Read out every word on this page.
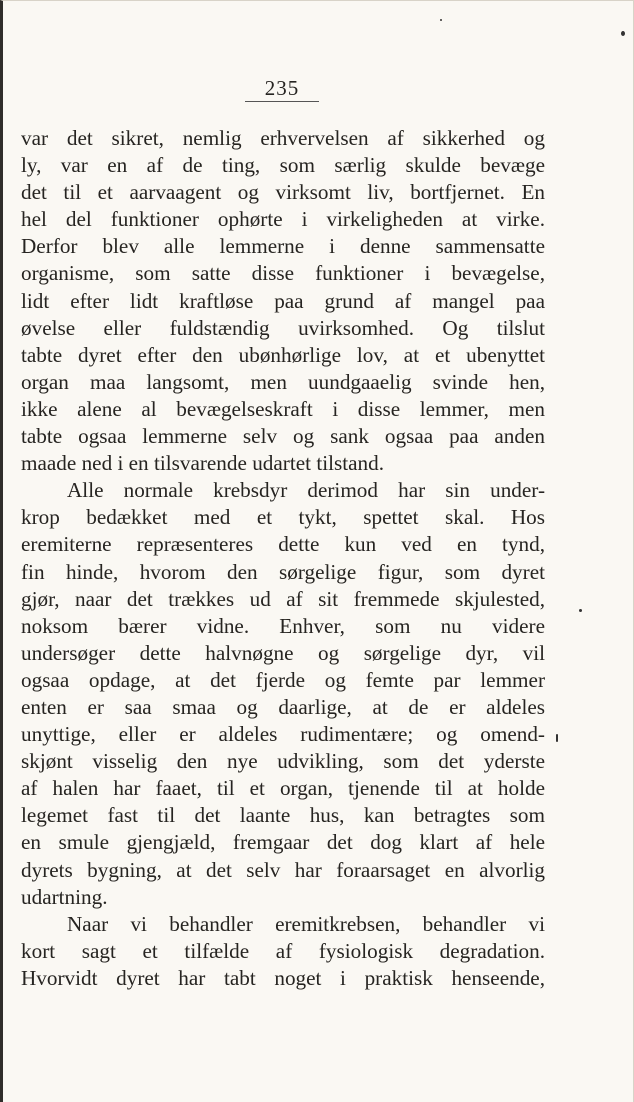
235
var det sikret, nemlig erhvervelsen af sikkerhed og
ly, var en af de ting, som særlig skulde bevæge
det til et aarvaagent og virksomt liv, bortfjernet. En
hel del funktioner ophørte i virkeligheden at virke.
Derfor blev alle lemmerne i denne sammensatte
organisme, som satte disse funktioner i bevægelse,
lidt efter lidt kraftløse paa grund af mangel paa
øvelse eller fuldstændig uvirksomhed. Og tilslut
tabte dyret efter den ubønhørlige lov, at et ubenyttet
organ maa langsomt, men uundgaaelig svinde hen,
ikke alene al bevægelseskraft i disse lemmer, men
tabte ogsaa lemmerne selv og sank ogsaa paa anden
maade ned i en tilsvarende udartet tilstand.
Alle normale krebsdyr derimod har sin under-
krop bedækket med et tykt, spettet skal. Hos
eremiterne repræsenteres dette kun ved en tynd,
fin hinde, hvorom den sørgelige figur, som dyret
gjør, naar det trækkes ud af sit fremmede skjulested,
noksom bærer vidne. Enhver, som nu videre
undersøger dette halvnøgne og sørgelige dyr, vil
ogsaa opdage, at det fjerde og femte par lemmer
enten er saa smaa og daarlige, at de er aldeles
unyttige, eller er aldeles rudimentære; og omend-
skjønt visselig den nye udvikling, som det yderste
af halen har faaet, til et organ, tjenende til at holde
legemet fast til det laante hus, kan betragtes som
en smule gjengjæld, fremgaar det dog klart af hele
dyrets bygning, at det selv har foraarsaget en alvorlig
udartning.
Naar vi behandler eremitkrebsen, behandler vi
kort sagt et tilfælde af fysiologisk degradation.
Hvorvidt dyret har tabt noget i praktisk henseende,
